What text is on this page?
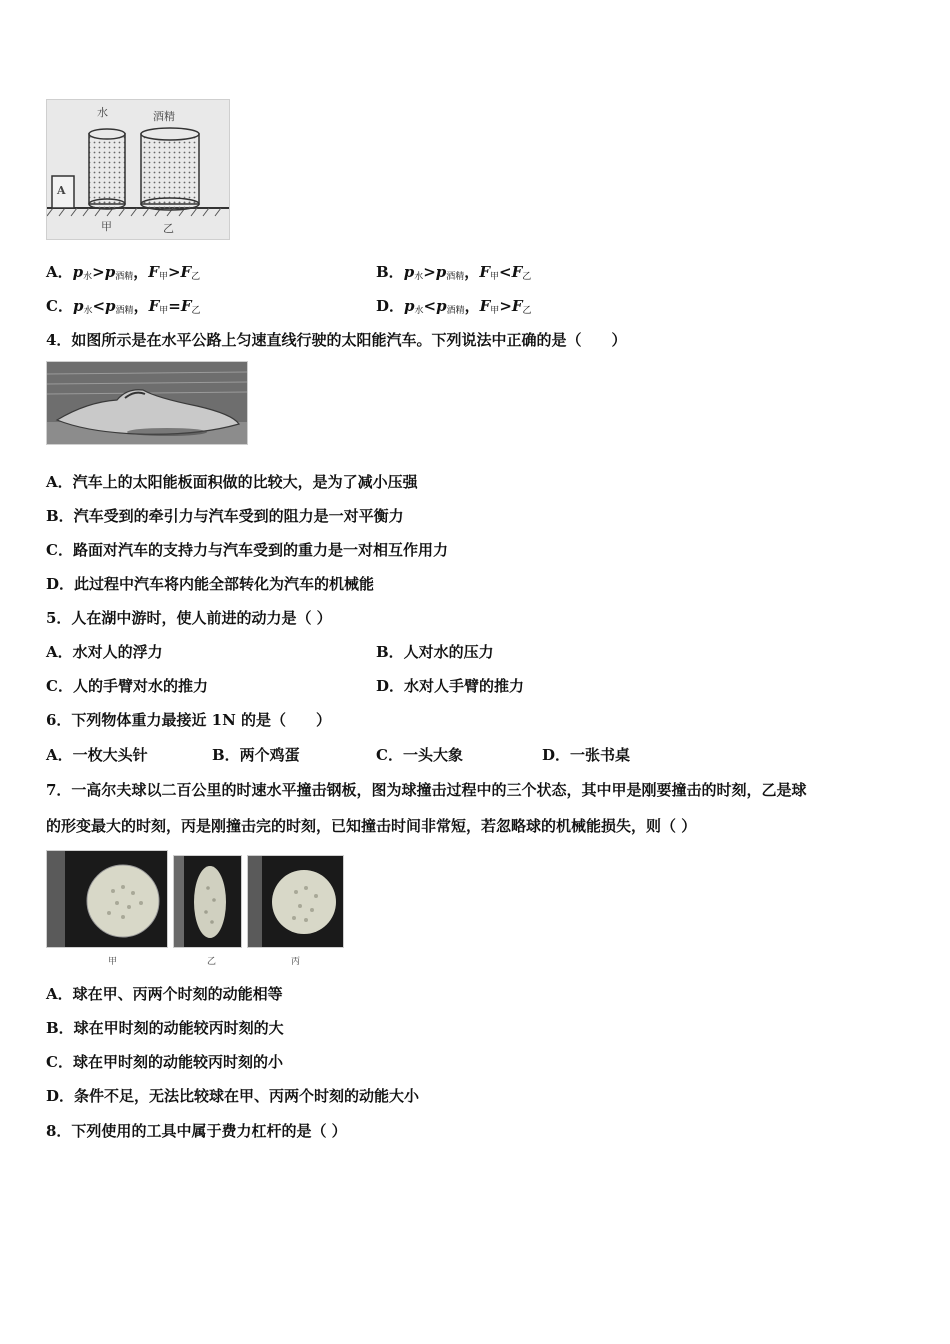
水	酒精
A
甲	乙
A．$p_水>p_{酒精}$，$F_甲>F_乙$	B．$p_水>p_{酒精}$，$F_甲<F_乙$
C．$p_水<p_{酒精}$，$F_甲=F_乙$	D．$p_水<p_{酒精}$，$F_甲>F_乙$
4．如图所示是在水平公路上匀速直线行驶的太阳能汽车。下列说法中正确的是（　　）
A．汽车上的太阳能板面积做的比较大，是为了减小压强
B．汽车受到的牵引力与汽车受到的阻力是一对平衡力
C．路面对汽车的支持力与汽车受到的重力是一对相互作用力
D．此过程中汽车将内能全部转化为汽车的机械能
5．人在湖中游时，使人前进的动力是（ ）
A．水对人的浮力	B．人对水的压力
C．人的手臂对水的推力	D．水对人手臂的推力
6．下列物体重力最接近 1N 的是（　　）
A．一枚大头针	B．两个鸡蛋	C．一头大象	D．一张书桌
7．一高尔夫球以二百公里的时速水平撞击钢板，图为球撞击过程中的三个状态，其中甲是刚要撞击的时刻，乙是球
的形变最大的时刻，丙是刚撞击完的时刻，已知撞击时间非常短，若忽略球的机械能损失，则（ ）
甲	乙	丙
A．球在甲、丙两个时刻的动能相等
B．球在甲时刻的动能较丙时刻的大
C．球在甲时刻的动能较丙时刻的小
D．条件不足，无法比较球在甲、丙两个时刻的动能大小
8．下列使用的工具中属于费力杠杆的是（ ）
